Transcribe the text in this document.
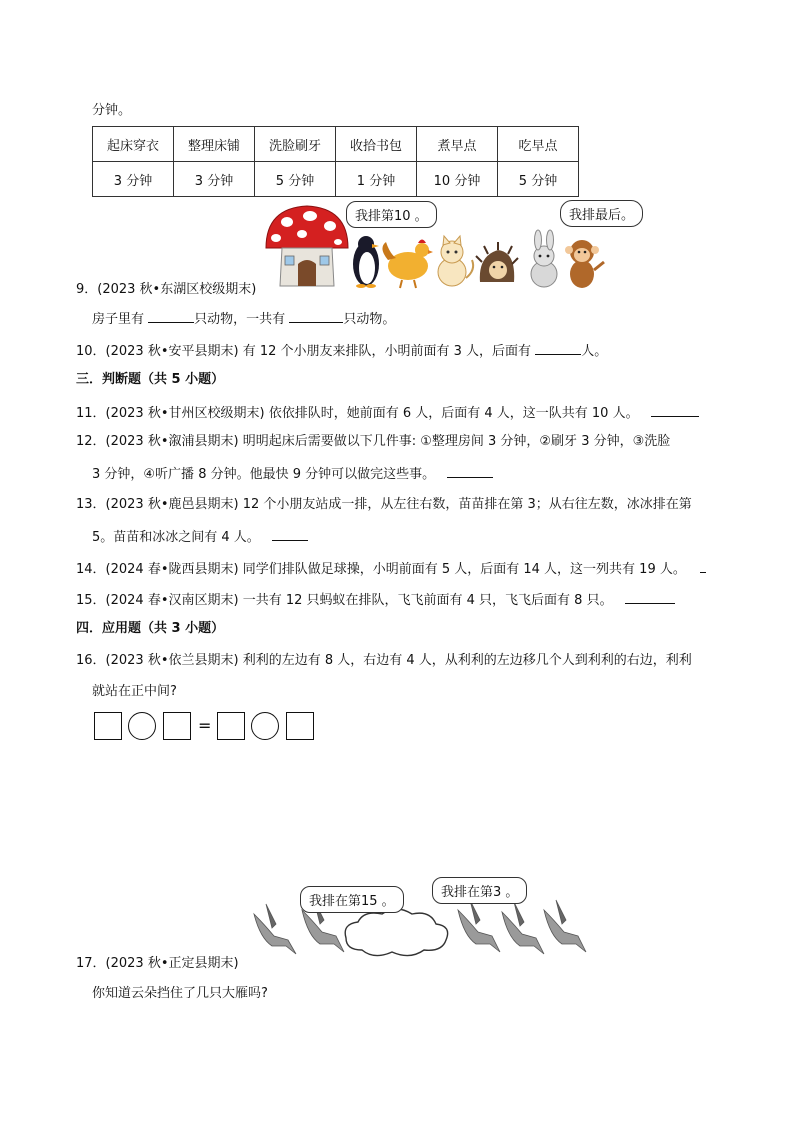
分钟。
起床穿衣	整理床铺	洗脸刷牙	收拾书包	煮早点	吃早点
3 分钟	3 分钟	5 分钟	1 分钟	10 分钟	5 分钟
我排第10 。	我排最后。
9．(2023 秋•东湖区校级期末)
房子里有	只动物，一共有	只动物。
10．(2023 秋•安平县期末) 有 12 个小朋友来排队，小明前面有 3 人，后面有	人。
三．判断题（共 5 小题）
11．(2023 秋•甘州区校级期末) 依依排队时，她前面有 6 人，后面有 4 人，这一队共有 10 人。
12．(2023 秋•溆浦县期末) 明明起床后需要做以下几件事: ①整理房间 3 分钟，②刷牙 3 分钟，③洗脸
3 分钟，④听广播 8 分钟。他最快 9 分钟可以做完这些事。
13．(2023 秋•鹿邑县期末) 12 个小朋友站成一排，从左往右数，苗苗排在第 3；从右往左数，冰冰排在第
5。苗苗和冰冰之间有 4 人。
14．(2024 春•陇西县期末) 同学们排队做足球操，小明前面有 5 人，后面有 14 人，这一列共有 19 人。
15．(2024 春•汉南区期末) 一共有 12 只蚂蚁在排队，飞飞前面有 4 只，飞飞后面有 8 只。
四．应用题（共 3 小题）
16．(2023 秋•依兰县期末) 利利的左边有 8 人，右边有 4 人，从利利的左边移几个人到利利的右边，利利
就站在正中间?
=
我排在第15 。
我排在第3 。
17．(2023 秋•正定县期末)
你知道云朵挡住了几只大雁吗?
